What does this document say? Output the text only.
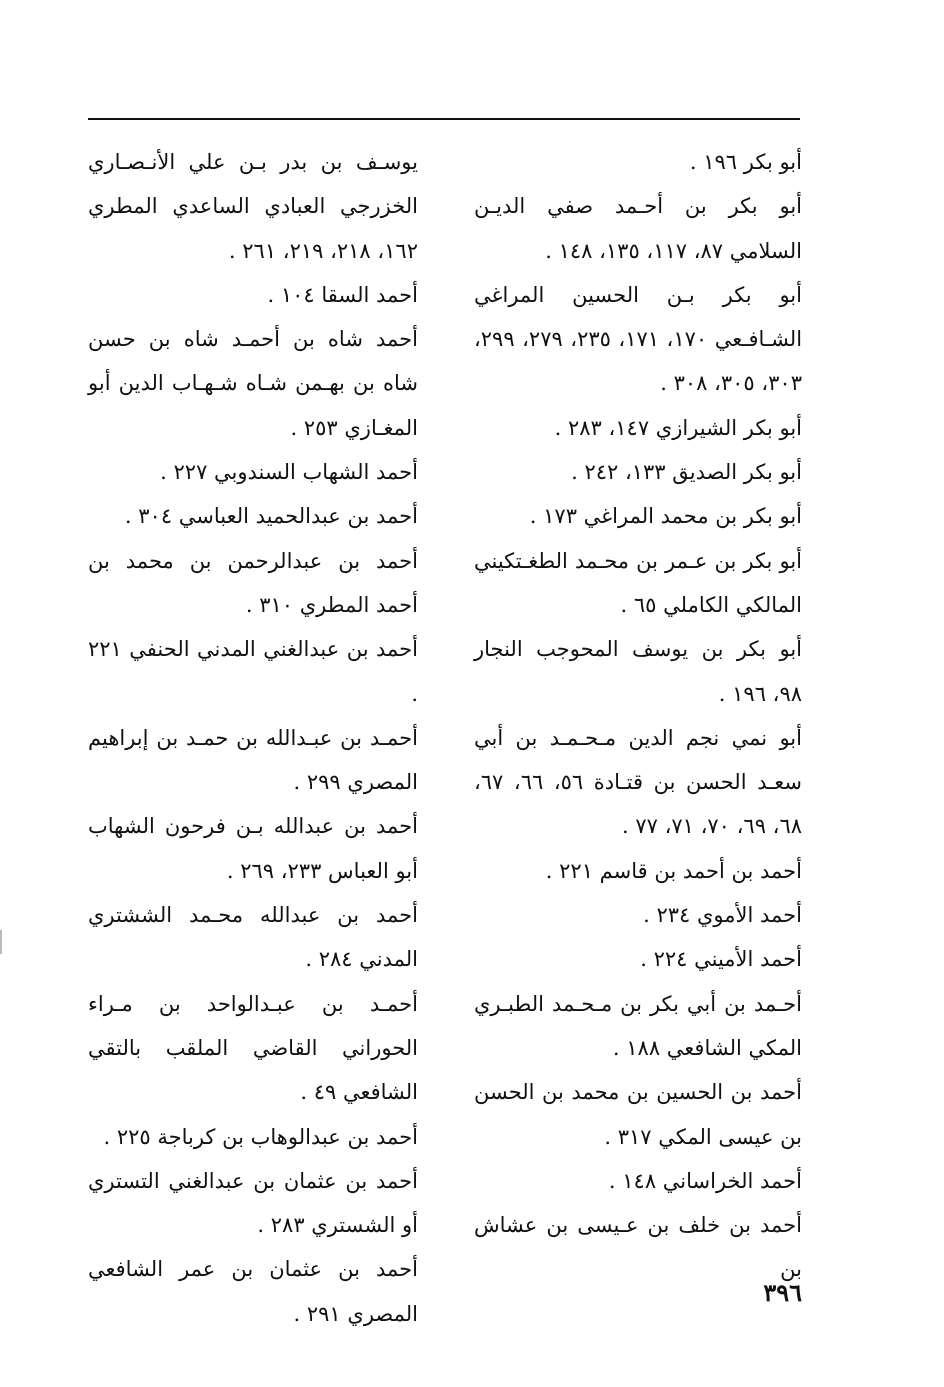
أبو بكر ١٩٦ .

أبو بكر بن أحـمد صفي الديـن السلامي ٨٧، ١١٧، ١٣٥، ١٤٨ .

أبو بكر بـن الحسين المراغي الشـافـعي ١٧٠، ١٧١، ٢٣٥، ٢٧٩، ٢٩٩، ٣٠٣، ٣٠٥، ٣٠٨ .

أبو بكر الشيرازي ١٤٧، ٢٨٣ .

أبو بكر الصديق ١٣٣، ٢٤٢ .

أبو بكر بن محمد المراغي ١٧٣ .

أبو بكر بن عـمر بن محـمد الطغـتكيني المالكي الكاملي ٦٥ .

أبو بكر بن يوسف المحوجب النجار ٩٨، ١٩٦ .

أبو نمي نجم الدين مـحـمـد بن أبي سعـد الحسن بن قتـادة ٥٦، ٦٦، ٦٧، ٦٨، ٦٩، ٧٠، ٧١، ٧٧ .

أحمد بن أحمد بن قاسم ٢٢١ .

أحمد الأموي ٢٣٤ .

أحمد الأميني ٢٢٤ .

أحـمد بن أبي بكر بن مـحـمد الطبـري المكي الشافعي ١٨٨ .

أحمد بن الحسين بن محمد بن الحسن بن عيسى المكي ٣١٧ .

أحمد الخراساني ١٤٨ .

أحمد بن خلف بن عـيسى بن عشاش بن

يوسـف بن بدر بـن علي الأنـصـاري الخزرجي العبادي الساعدي المطري ١٦٢، ٢١٨، ٢١٩، ٢٦١ .

أحمد السقا ١٠٤ .

أحمد شاه بن أحمـد شاه بن حسن شاه بن بهـمن شـاه شـهـاب الدين أبو المغـازي ٢٥٣ .

أحمد الشهاب السندوبي ٢٢٧ .

أحمد بن عبدالحميد العباسي ٣٠٤ .

أحمد بن عبدالرحمن بن محمد بن أحمد المطري ٣١٠ .

أحمد بن عبدالغني المدني الحنفي ٢٢١ .

أحمـد بن عبـدالله بن حمـد بن إبراهيم المصري ٢٩٩ .

أحمد بن عبدالله بـن فرحون الشهاب أبو العباس ٢٣٣، ٢٦٩ .

أحمد بن عبدالله محـمد الششتري المدني ٢٨٤ .

أحمـد بن عبـدالواحد بن مـراء الحوراني القاضي الملقب بالتقي الشافعي ٤٩ .

أحمد بن عبدالوهاب بن كرباجة ٢٢٥ .

أحمد بن عثمان بن عبدالغني التستري أو الشستري ٢٨٣ .

أحمد بن عثمان بن عمر الشافعي المصري ٢٩١ .

٣٩٦
